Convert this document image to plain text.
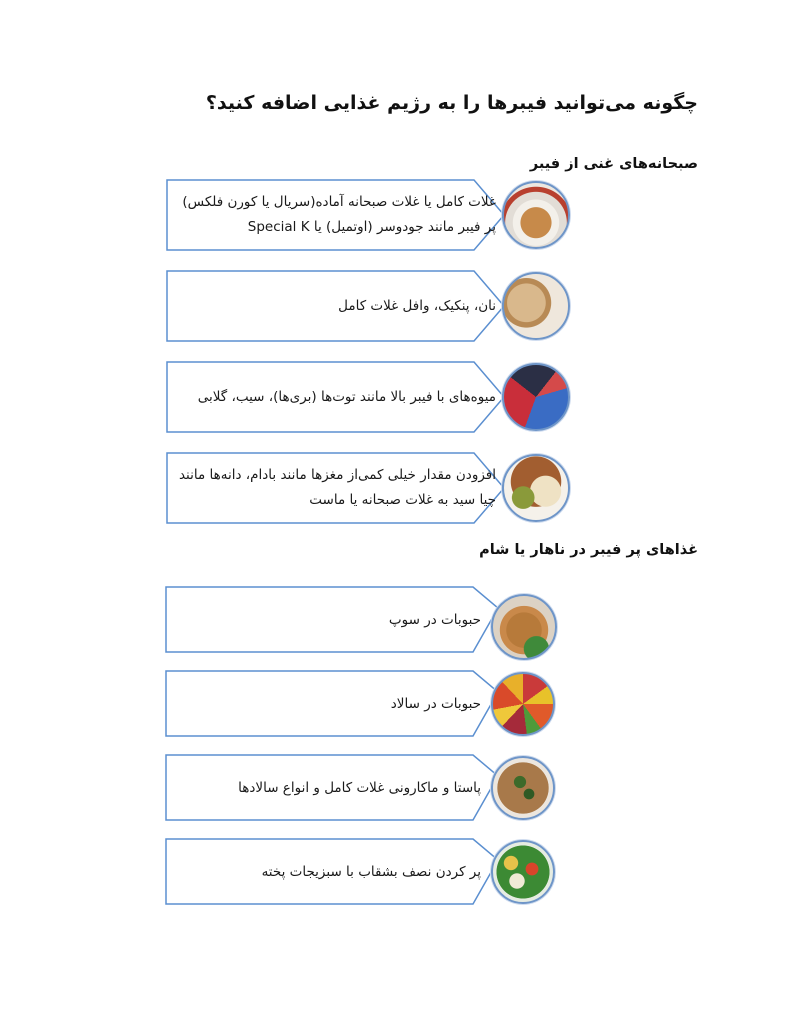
چگونه می‌توانید فیبرها را به رژیم غذایی اضافه کنید؟
صبحانه‌های غنی از فیبر
غلات کامل یا غلات صبحانه آماده(سریال یا کورن فلکس) پر فیبر مانند جودوسر (اوتمیل) یا Special K
نان، پنکیک، وافل غلات کامل
میوه‌های با فیبر بالا مانند توت‌ها (بری‌ها)، سیب، گلابی
افزودن مقدار خیلی کمی‌از مغزها مانند بادام، دانه‌ها مانند چیا سید به غلات صبحانه یا ماست
غذاهای پر فیبر در ناهار یا شام
حبوبات در سوپ
حبوبات در سالاد
پاستا و ماکارونی غلات کامل و انواع سالادها
پر کردن نصف بشقاب با سبزیجات پخته
